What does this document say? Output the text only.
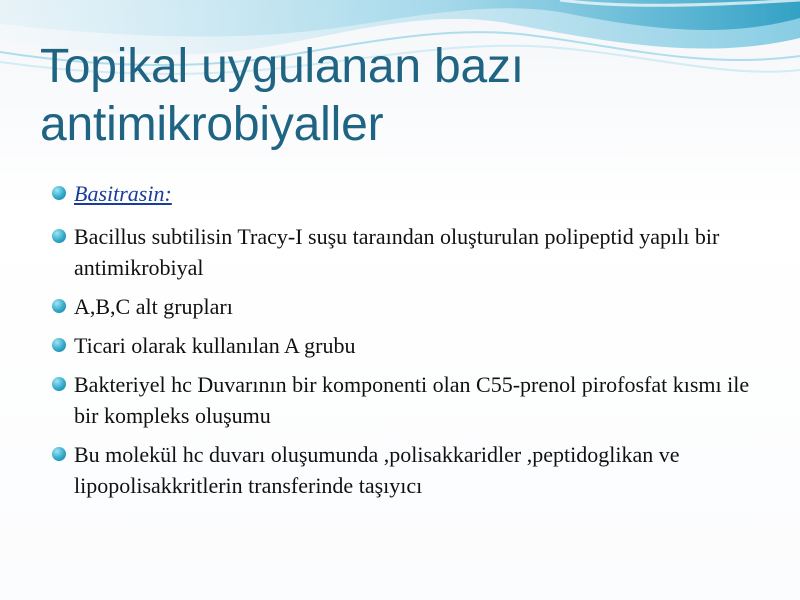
Topikal uygulanan bazı antimikrobiyaller
Basitrasin:
Bacillus subtilisin Tracy-I suşu taraından oluşturulan polipeptid yapılı bir antimikrobiyal
A,B,C alt grupları
Ticari olarak kullanılan A grubu
Bakteriyel hc Duvarının bir komponenti olan C55-prenol pirofosfat kısmı ile bir kompleks oluşumu
Bu molekül hc duvarı oluşumunda ,polisakkaridler ,peptidoglikan ve lipopolisakkritlerin transferinde taşıyıcı
